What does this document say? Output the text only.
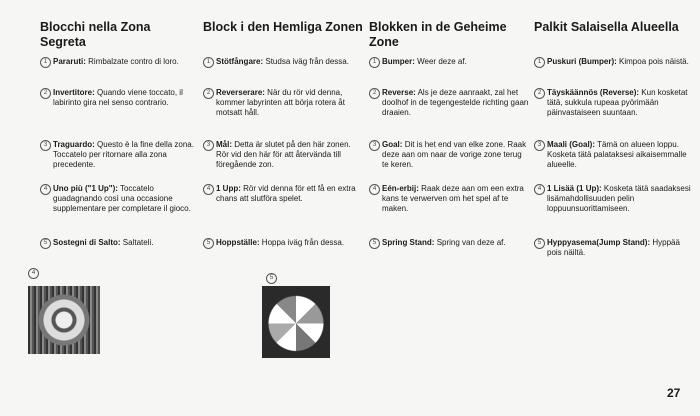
Blocchi nella Zona Segreta
1 Pararuti: Rimbalzate contro di loro.
2 Invertitore: Quando viene toccato, il labirinto gira nel senso contrario.
3 Traguardo: Questo è la fine della zona. Toccatelo per ritornare alla zona precedente.
4 Uno più ("1 Up"): Toccatelo guadagnando così una occasione supplementare per completare il gioco.
5 Sostegni di Salto: Saltateli.
Block i den Hemliga Zonen
1 Stötfångare: Studsa iväg från dessa.
2 Reverserare: När du rör vid denna, kommer labyrinten att börja rotera åt motsatt håll.
3 Mål: Detta är slutet på den här zonen. Rör vid den här för att återvända till föregående zon.
4 1 Upp: Rör vid denna för ett få en extra chans att slutföra spelet.
5 Hoppställe: Hoppa iväg från dessa.
Blokken in de Geheime Zone
1 Bumper: Weer deze af.
2 Reverse: Als je deze aanraakt, zal het doolhof in de tegengestelde richting gaan draaien.
3 Goal: Dit is het end van elke zone. Raak deze aan om naar de vorige zone terug te keren.
4 Eén-erbij: Raak deze aan om een extra kans te verwerven om het spel af te maken.
5 Spring Stand: Spring van deze af.
Palkit Salaisella Alueella
1 Puskuri (Bumper): Kimpoa pois näistä.
2 Täyskäännös (Reverse): Kun kosketat tätä, sukkula rupeaa pyörimään päinvastaiseen suuntaan.
3 Maali (Goal): Tämä on alueen loppu. Kosketa tätä palataksesi aikaisemmalle alueelle.
4 1 Lisää (1 Up): Kosketa tätä saadaksesi lisämahdollisuuden pelin loppuunsuorittamiseen.
5 Hyppyasema(Jump Stand): Hyppää pois näiltä.
4
5
27
